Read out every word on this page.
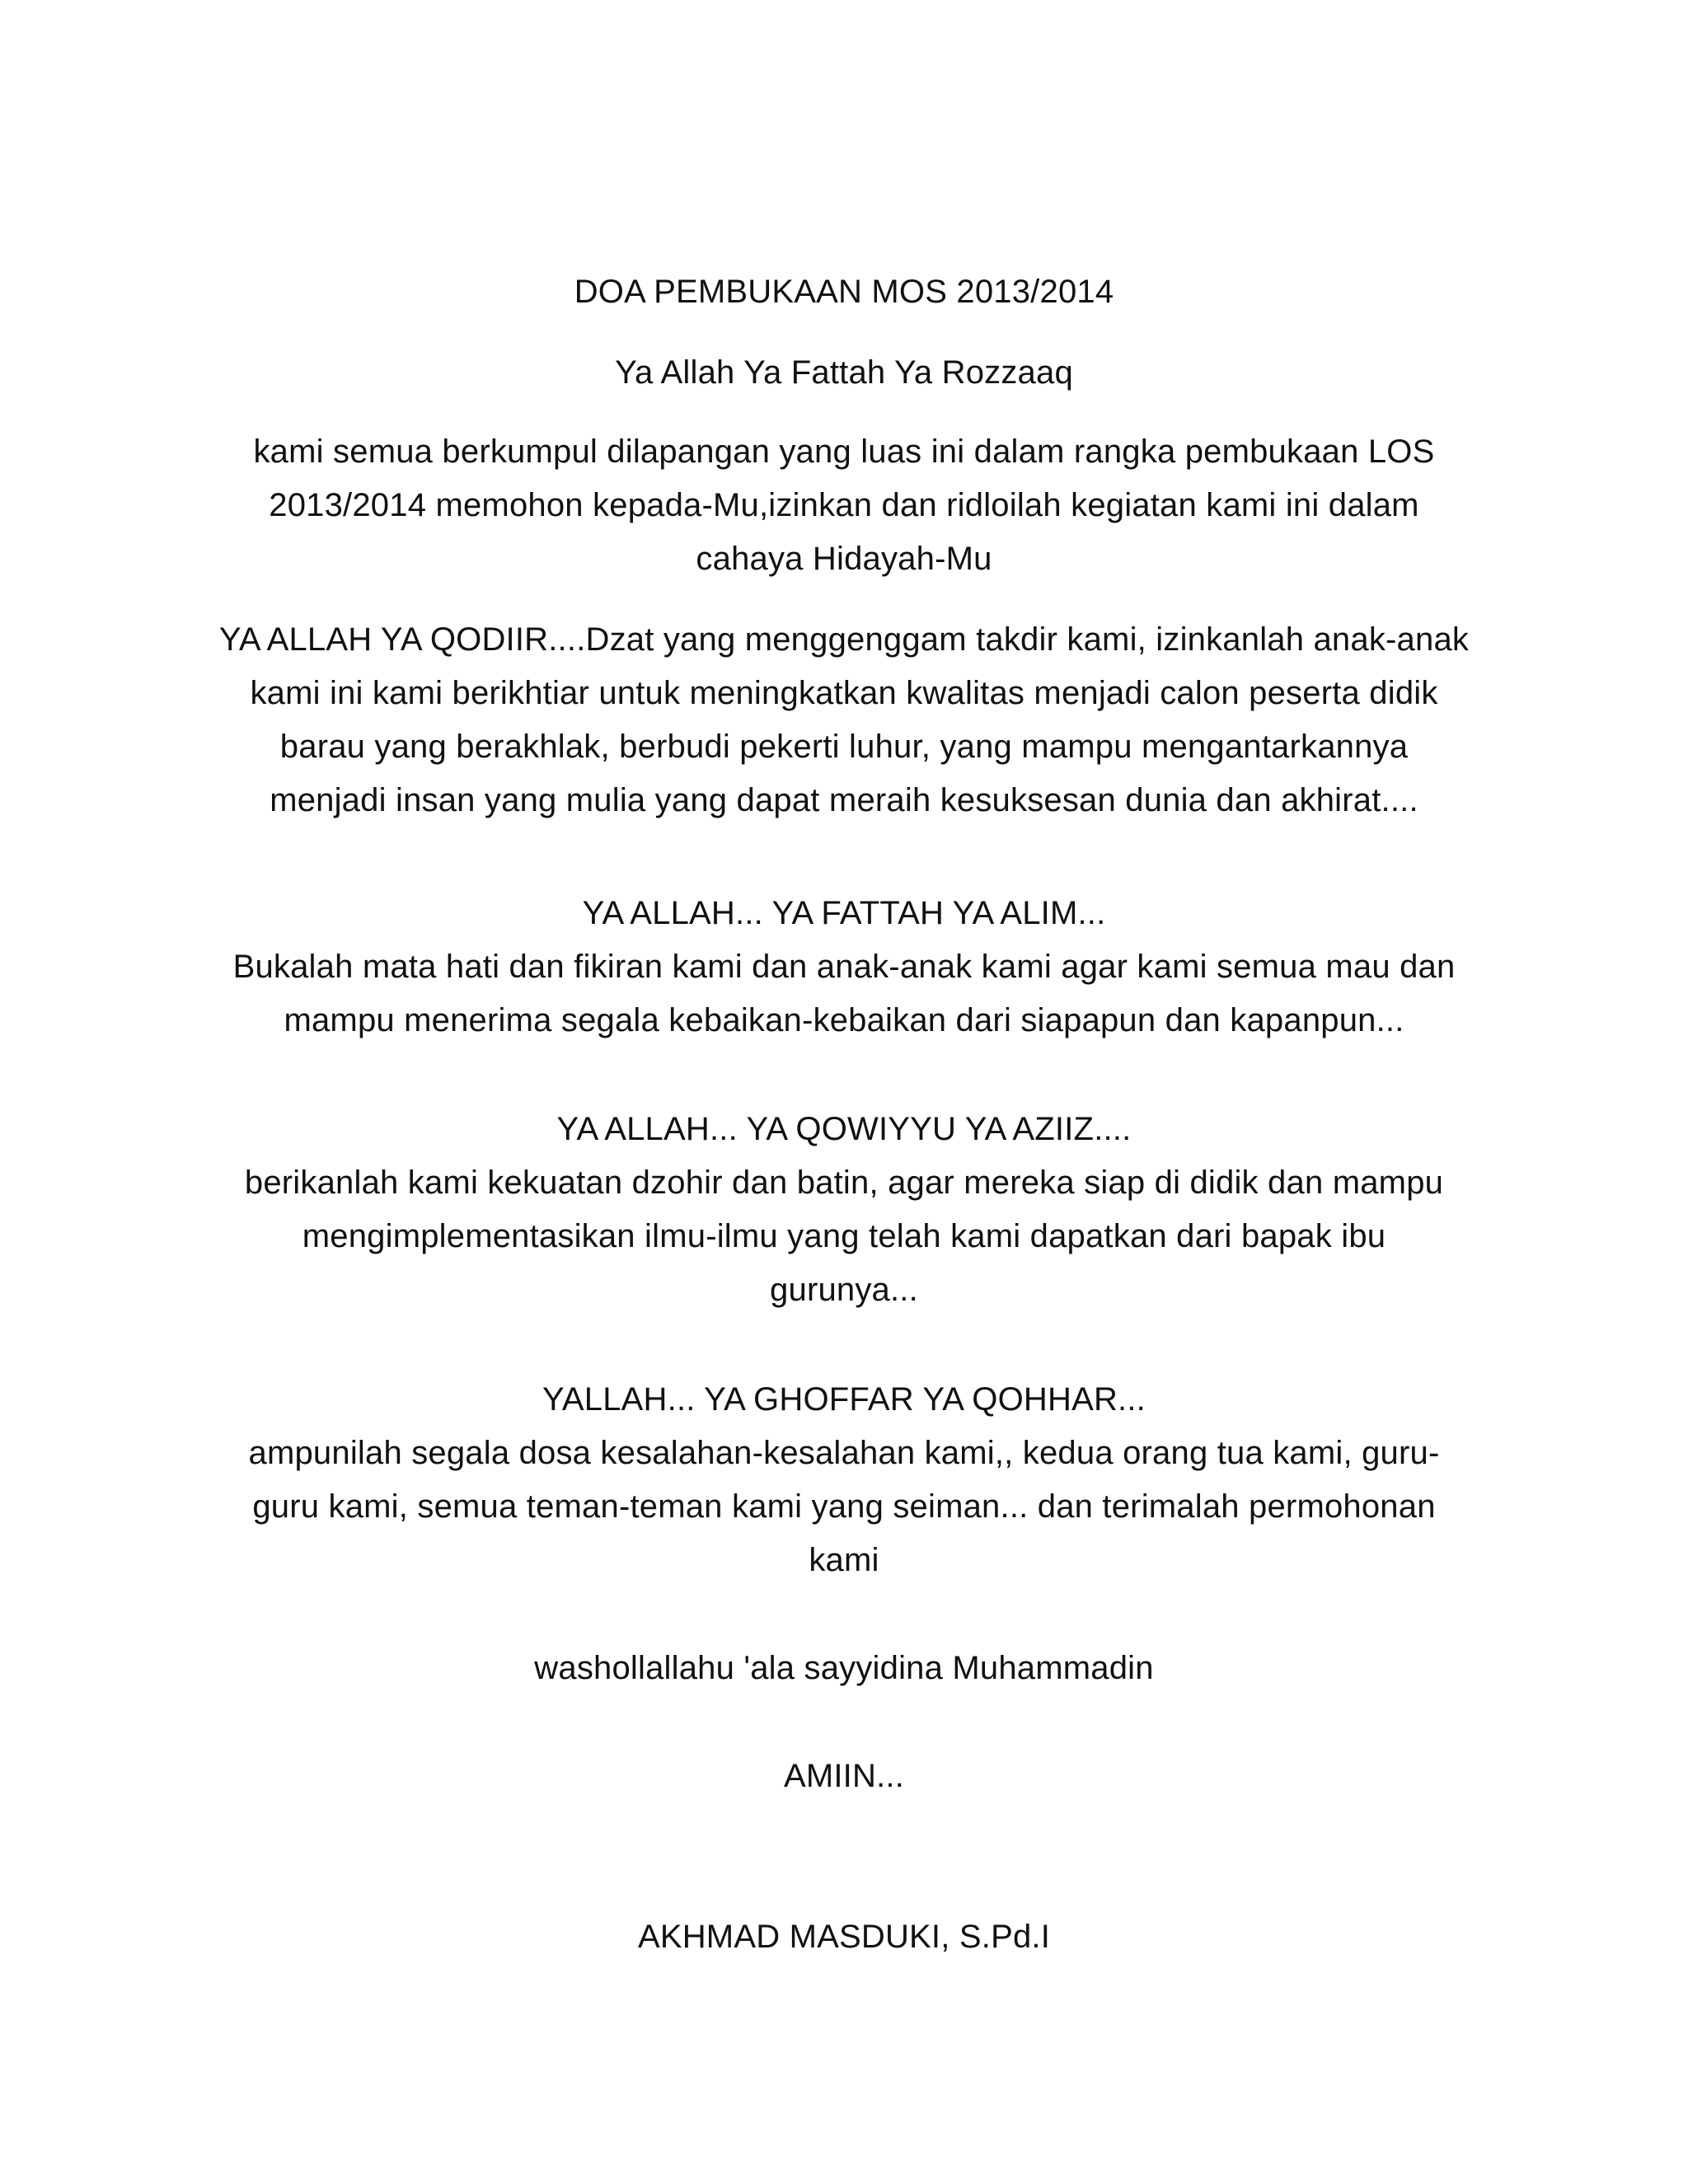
DOA PEMBUKAAN MOS 2013/2014
Ya Allah Ya Fattah Ya Rozzaaq
kami semua berkumpul dilapangan yang luas ini dalam rangka pembukaan LOS
2013/2014 memohon kepada-Mu,izinkan dan ridloilah kegiatan kami ini dalam
cahaya Hidayah-Mu
YA ALLAH YA QODIIR....Dzat yang menggenggam takdir kami, izinkanlah anak-anak
kami ini kami berikhtiar untuk meningkatkan kwalitas menjadi calon peserta didik
barau yang berakhlak, berbudi pekerti luhur, yang mampu mengantarkannya
menjadi insan yang mulia yang dapat meraih kesuksesan dunia dan akhirat....
YA ALLAH... YA FATTAH YA ALIM...
Bukalah mata hati dan fikiran kami dan anak-anak kami agar kami semua mau dan
mampu menerima segala kebaikan-kebaikan dari siapapun dan kapanpun...
YA ALLAH... YA QOWIYYU YA AZIIZ....
berikanlah kami kekuatan dzohir dan batin, agar mereka siap di didik dan mampu
mengimplementasikan ilmu-ilmu yang telah kami dapatkan dari bapak ibu
gurunya...
YALLAH... YA GHOFFAR YA QOHHAR...
ampunilah segala dosa kesalahan-kesalahan kami,, kedua orang tua kami, guru-
guru kami, semua teman-teman kami yang seiman... dan terimalah permohonan
kami
washollallahu 'ala sayyidina Muhammadin
AMIIN...
AKHMAD MASDUKI, S.Pd.I
